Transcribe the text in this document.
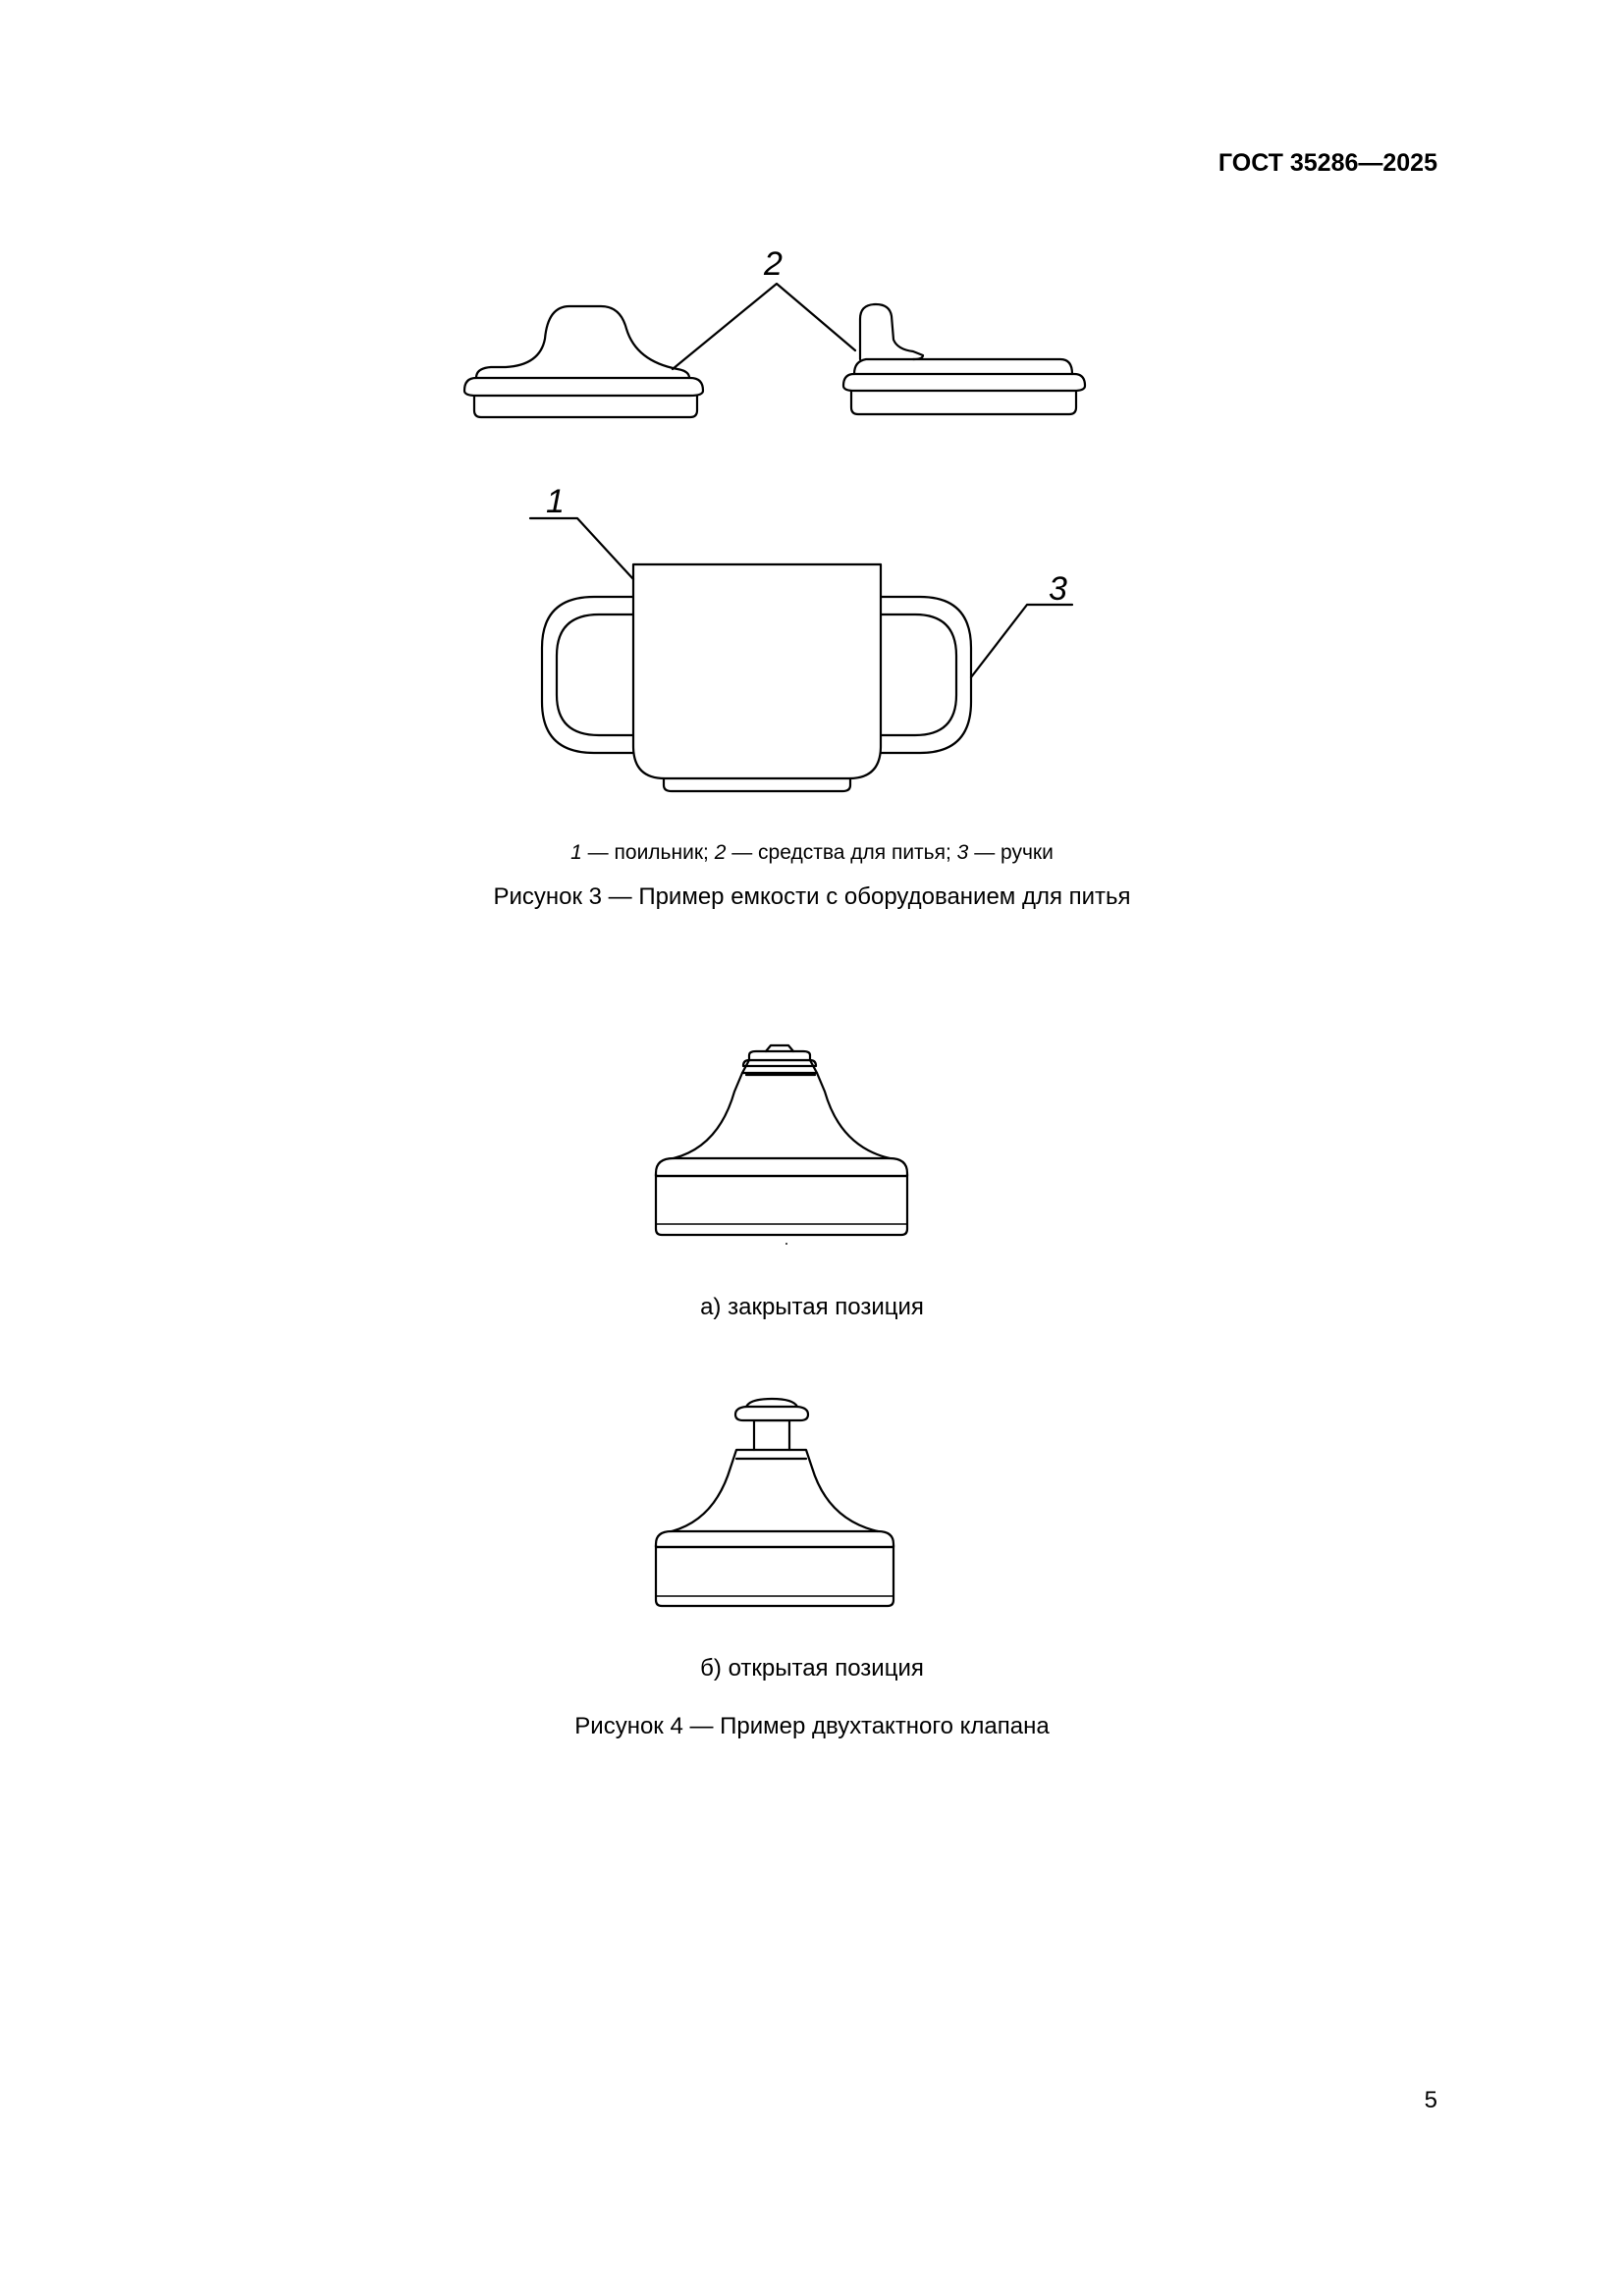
ГОСТ 35286—2025
2
1
3
1 — поильник; 2 — средства для питья; 3 — ручки
Рисунок 3 — Пример емкости с оборудованием для питья
а) закрытая позиция
б) открытая позиция
Рисунок 4 — Пример двухтактного клапана
5
